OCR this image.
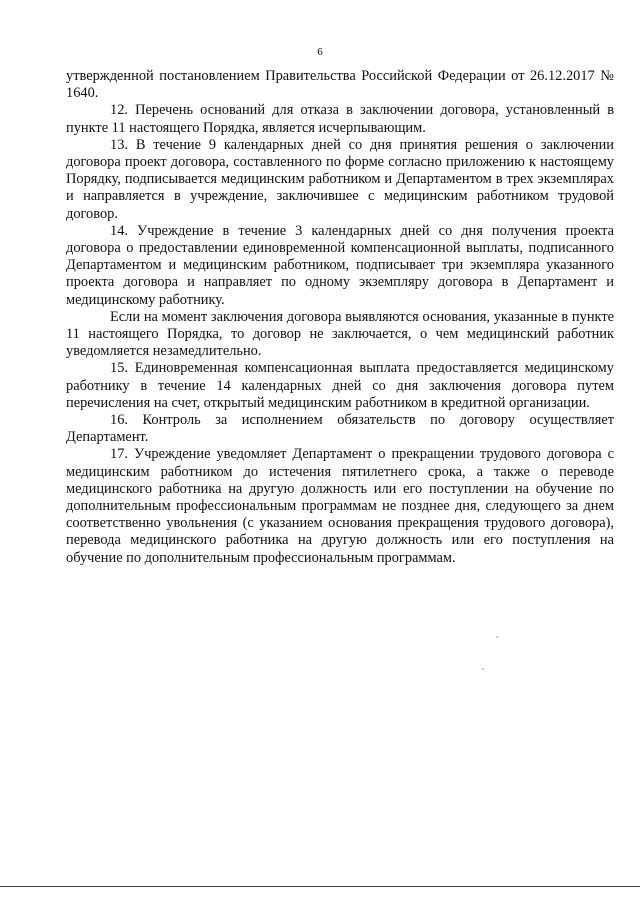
6

утвержденной постановлением Правительства Российской Федерации от 26.12.2017 № 1640.

12. Перечень оснований для отказа в заключении договора, установленный в пункте 11 настоящего Порядка, является исчерпывающим.

13. В течение 9 календарных дней со дня принятия решения о заключении договора проект договора, составленного по форме согласно приложению к настоящему Порядку, подписывается медицинским работником и Департаментом в трех экземплярах и направляется в учреждение, заключившее с медицинским работником трудовой договор.

14. Учреждение в течение 3 календарных дней со дня получения проекта договора о предоставлении единовременной компенсационной выплаты, подписанного Департаментом и медицинским работником, подписывает три экземпляра указанного проекта договора и направляет по одному экземпляру договора в Департамент и медицинскому работнику.

Если на момент заключения договора выявляются основания, указанные в пункте 11 настоящего Порядка, то договор не заключается, о чем медицинский работник уведомляется незамедлительно.

15. Единовременная компенсационная выплата предоставляется медицинскому работнику в течение 14 календарных дней со дня заключения договора путем перечисления на счет, открытый медицинским работником в кредитной организации.

16. Контроль за исполнением обязательств по договору осуществляет Департамент.

17. Учреждение уведомляет Департамент о прекращении трудового договора с медицинским работником до истечения пятилетнего срока, а также о переводе медицинского работника на другую должность или его поступлении на обучение по дополнительным профессиональным программам не позднее дня, следующего за днем соответственно увольнения (с указанием основания прекращения трудового договора), перевода медицинского работника на другую должность или его поступления на обучение по дополнительным профессиональным программам.
